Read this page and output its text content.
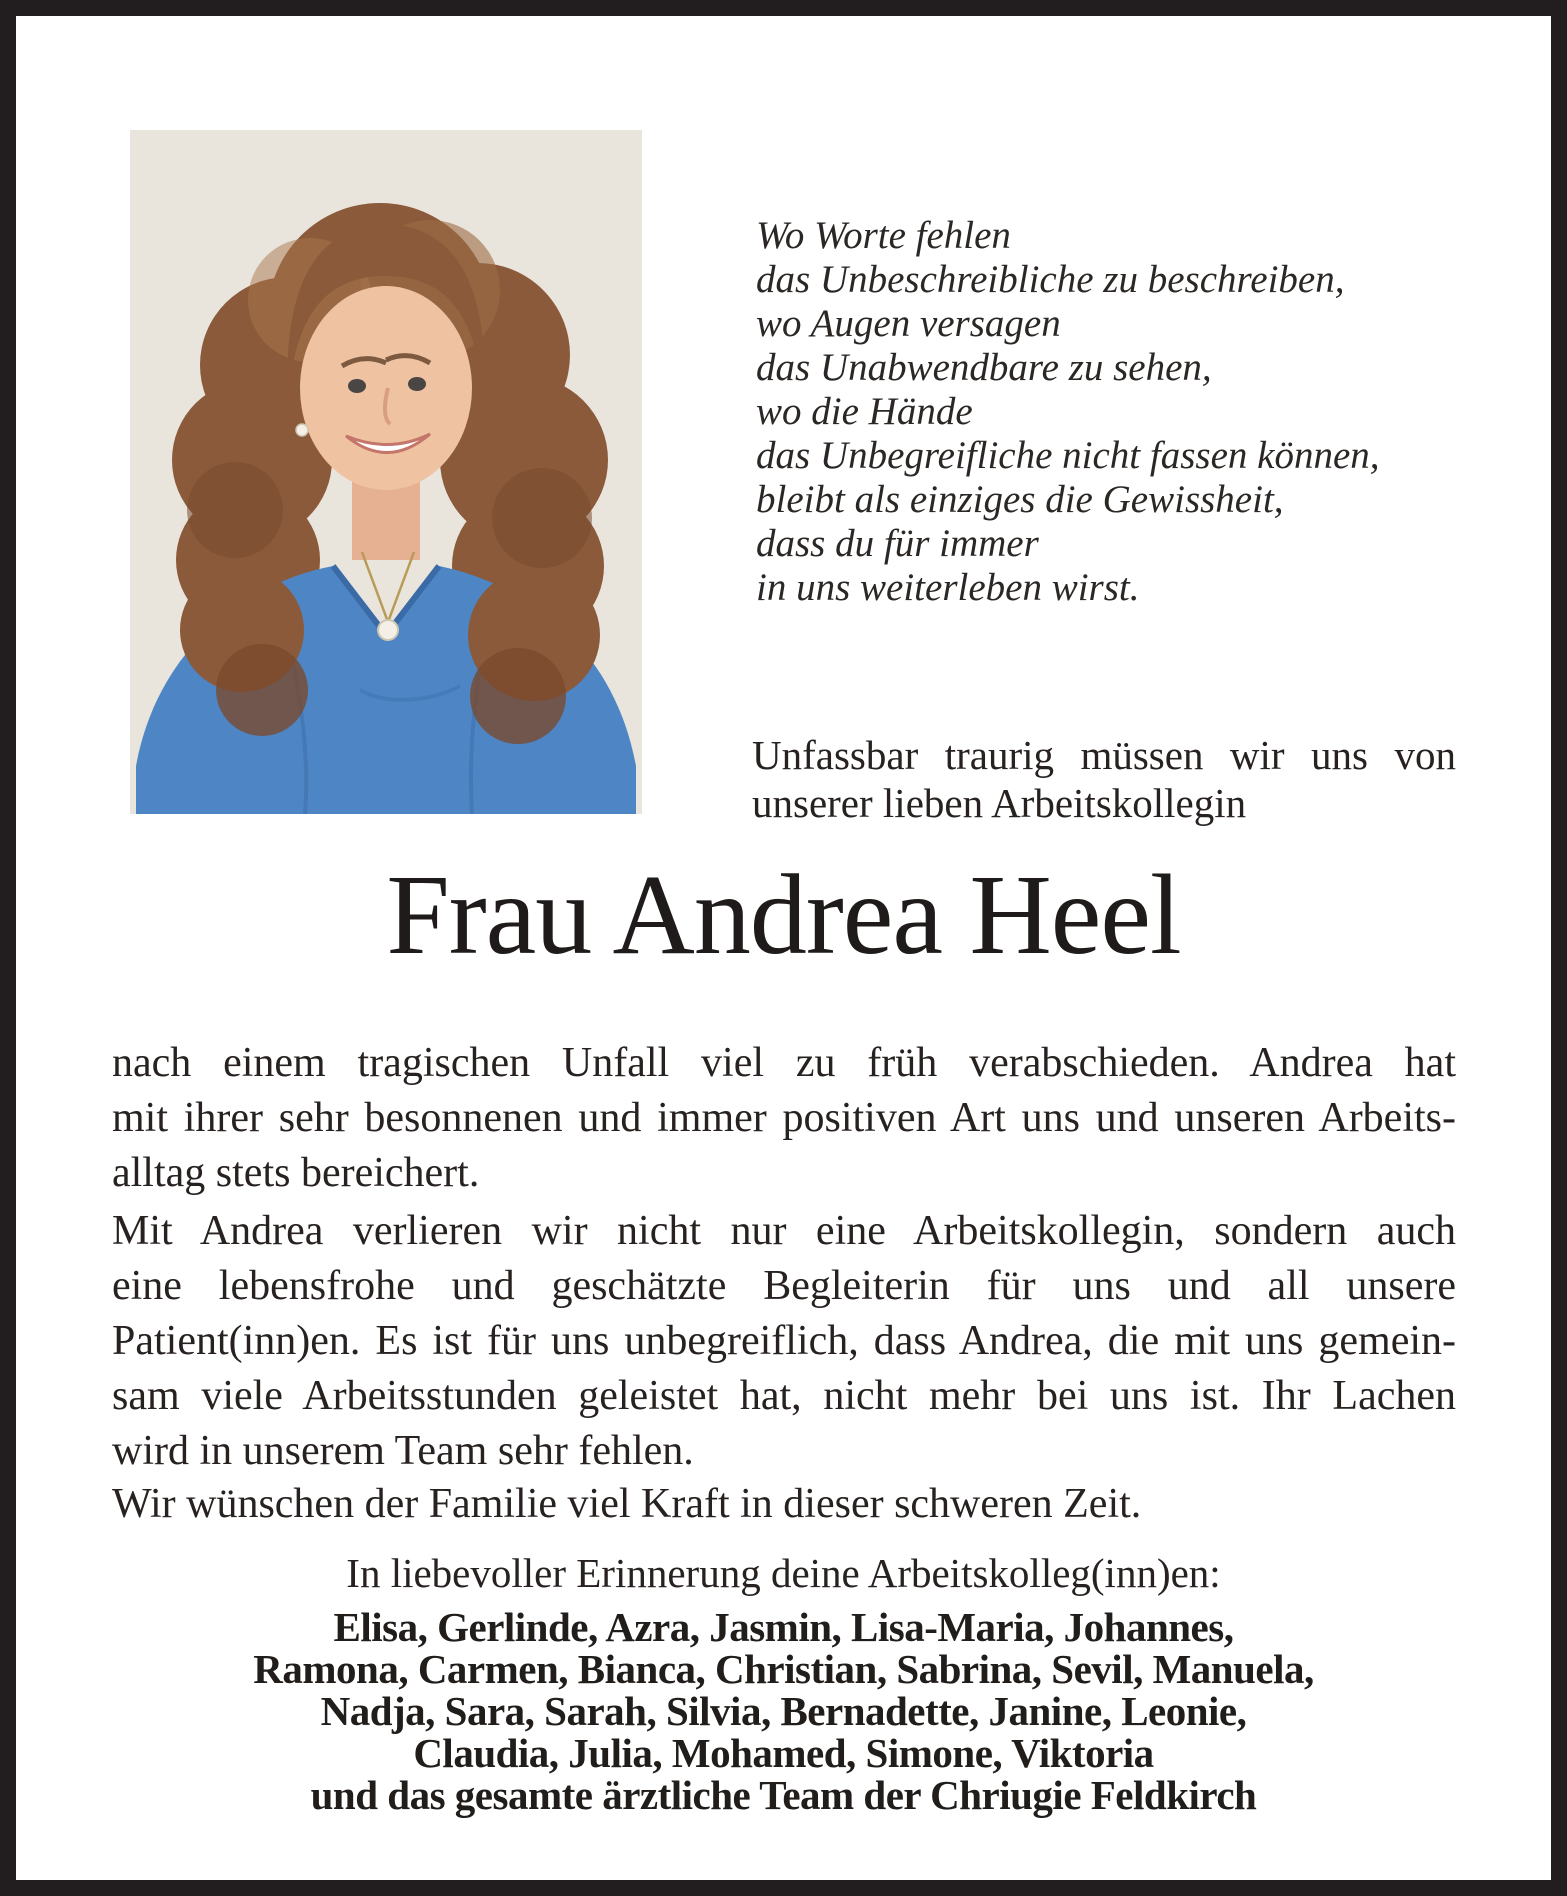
Wo Worte fehlen
das Unbeschreibliche zu beschreiben,
wo Augen versagen
das Unabwendbare zu sehen,
wo die Hände
das Unbegreifliche nicht fassen können,
bleibt als einziges die Gewissheit,
dass du für immer
in uns weiterleben wirst.
Unfassbar traurig müssen wir uns von
unserer lieben Arbeitskollegin
Frau Andrea Heel
nach einem tragischen Unfall viel zu früh verabschieden. Andrea hat
mit ihrer sehr besonnenen und immer positiven Art uns und unseren Arbeits-
alltag stets bereichert.
Mit Andrea verlieren wir nicht nur eine Arbeitskollegin, sondern auch
eine lebensfrohe und geschätzte Begleiterin für uns und all unsere
Patient(inn)en. Es ist für uns unbegreiflich, dass Andrea, die mit uns gemein-
sam viele Arbeitsstunden geleistet hat, nicht mehr bei uns ist. Ihr Lachen
wird in unserem Team sehr fehlen.
Wir wünschen der Familie viel Kraft in dieser schweren Zeit.
In liebevoller Erinnerung deine Arbeitskolleg(inn)en:
Elisa, Gerlinde, Azra, Jasmin, Lisa-Maria, Johannes,
Ramona, Carmen, Bianca, Christian, Sabrina, Sevil, Manuela,
Nadja, Sara, Sarah, Silvia, Bernadette, Janine, Leonie,
Claudia, Julia, Mohamed, Simone, Viktoria
und das gesamte ärztliche Team der Chriugie Feldkirch
